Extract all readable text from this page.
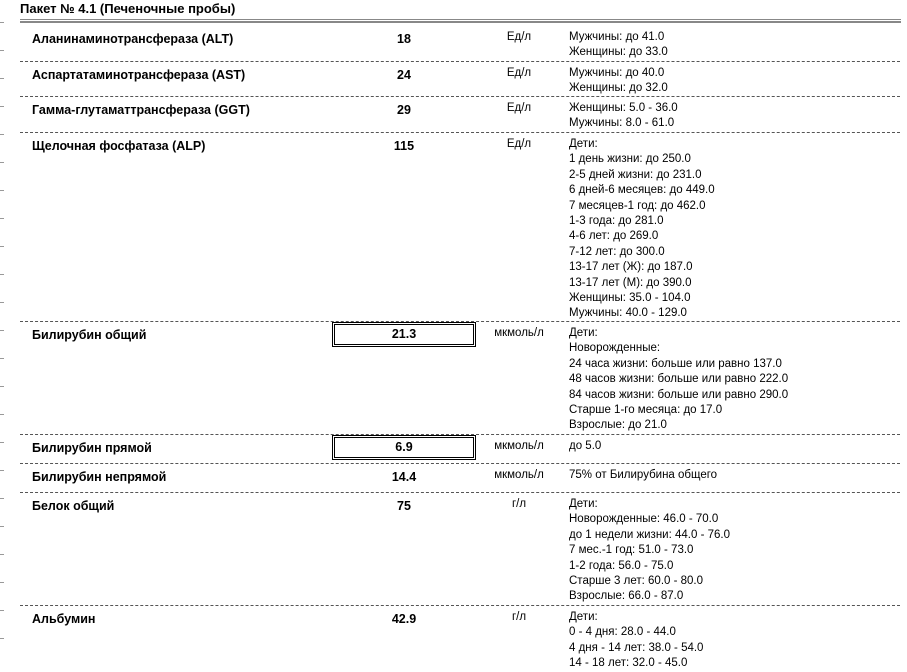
Пакет № 4.1 (Печеночные пробы)
Аланинаминотрансфераза (ALT)	18	Ед/л	Мужчины: до 41.0
Женщины: до 33.0
Аспартатаминотрансфераза (AST)	24	Ед/л	Мужчины: до 40.0
Женщины: до 32.0
Гамма-глутаматтрансфераза (GGT)	29	Ед/л	Женщины: 5.0 - 36.0
Мужчины: 8.0 - 61.0
Щелочная фосфатаза (ALP)	115	Ед/л	Дети:
1 день жизни: до 250.0
2-5 дней жизни: до 231.0
6 дней-6 месяцев: до 449.0
7 месяцев-1 год: до 462.0
1-3 года: до 281.0
4-6 лет: до 269.0
7-12 лет: до 300.0
13-17 лет (Ж): до 187.0
13-17 лет (М): до 390.0
Женщины: 35.0 - 104.0
Мужчины: 40.0 - 129.0
Билирубин общий	21.3	мкмоль/л	Дети:
Новорожденные:
24 часа жизни: больше или равно 137.0
48 часов жизни: больше или равно 222.0
84 часов жизни: больше или равно 290.0
Старше 1-го месяца: до 17.0
Взрослые: до 21.0
Билирубин прямой	6.9	мкмоль/л	до 5.0
Билирубин непрямой	14.4	мкмоль/л	75% от Билирубина общего
Белок общий	75	г/л	Дети:
Новорожденные: 46.0 - 70.0
до 1 недели жизни: 44.0 - 76.0
7 мес.-1 год: 51.0 - 73.0
1-2 года: 56.0 - 75.0
Старше 3 лет: 60.0 - 80.0
Взрослые: 66.0 - 87.0
Альбумин	42.9	г/л	Дети:
0 - 4 дня: 28.0 - 44.0
4 дня - 14 лет: 38.0 - 54.0
14 - 18 лет: 32.0 - 45.0
